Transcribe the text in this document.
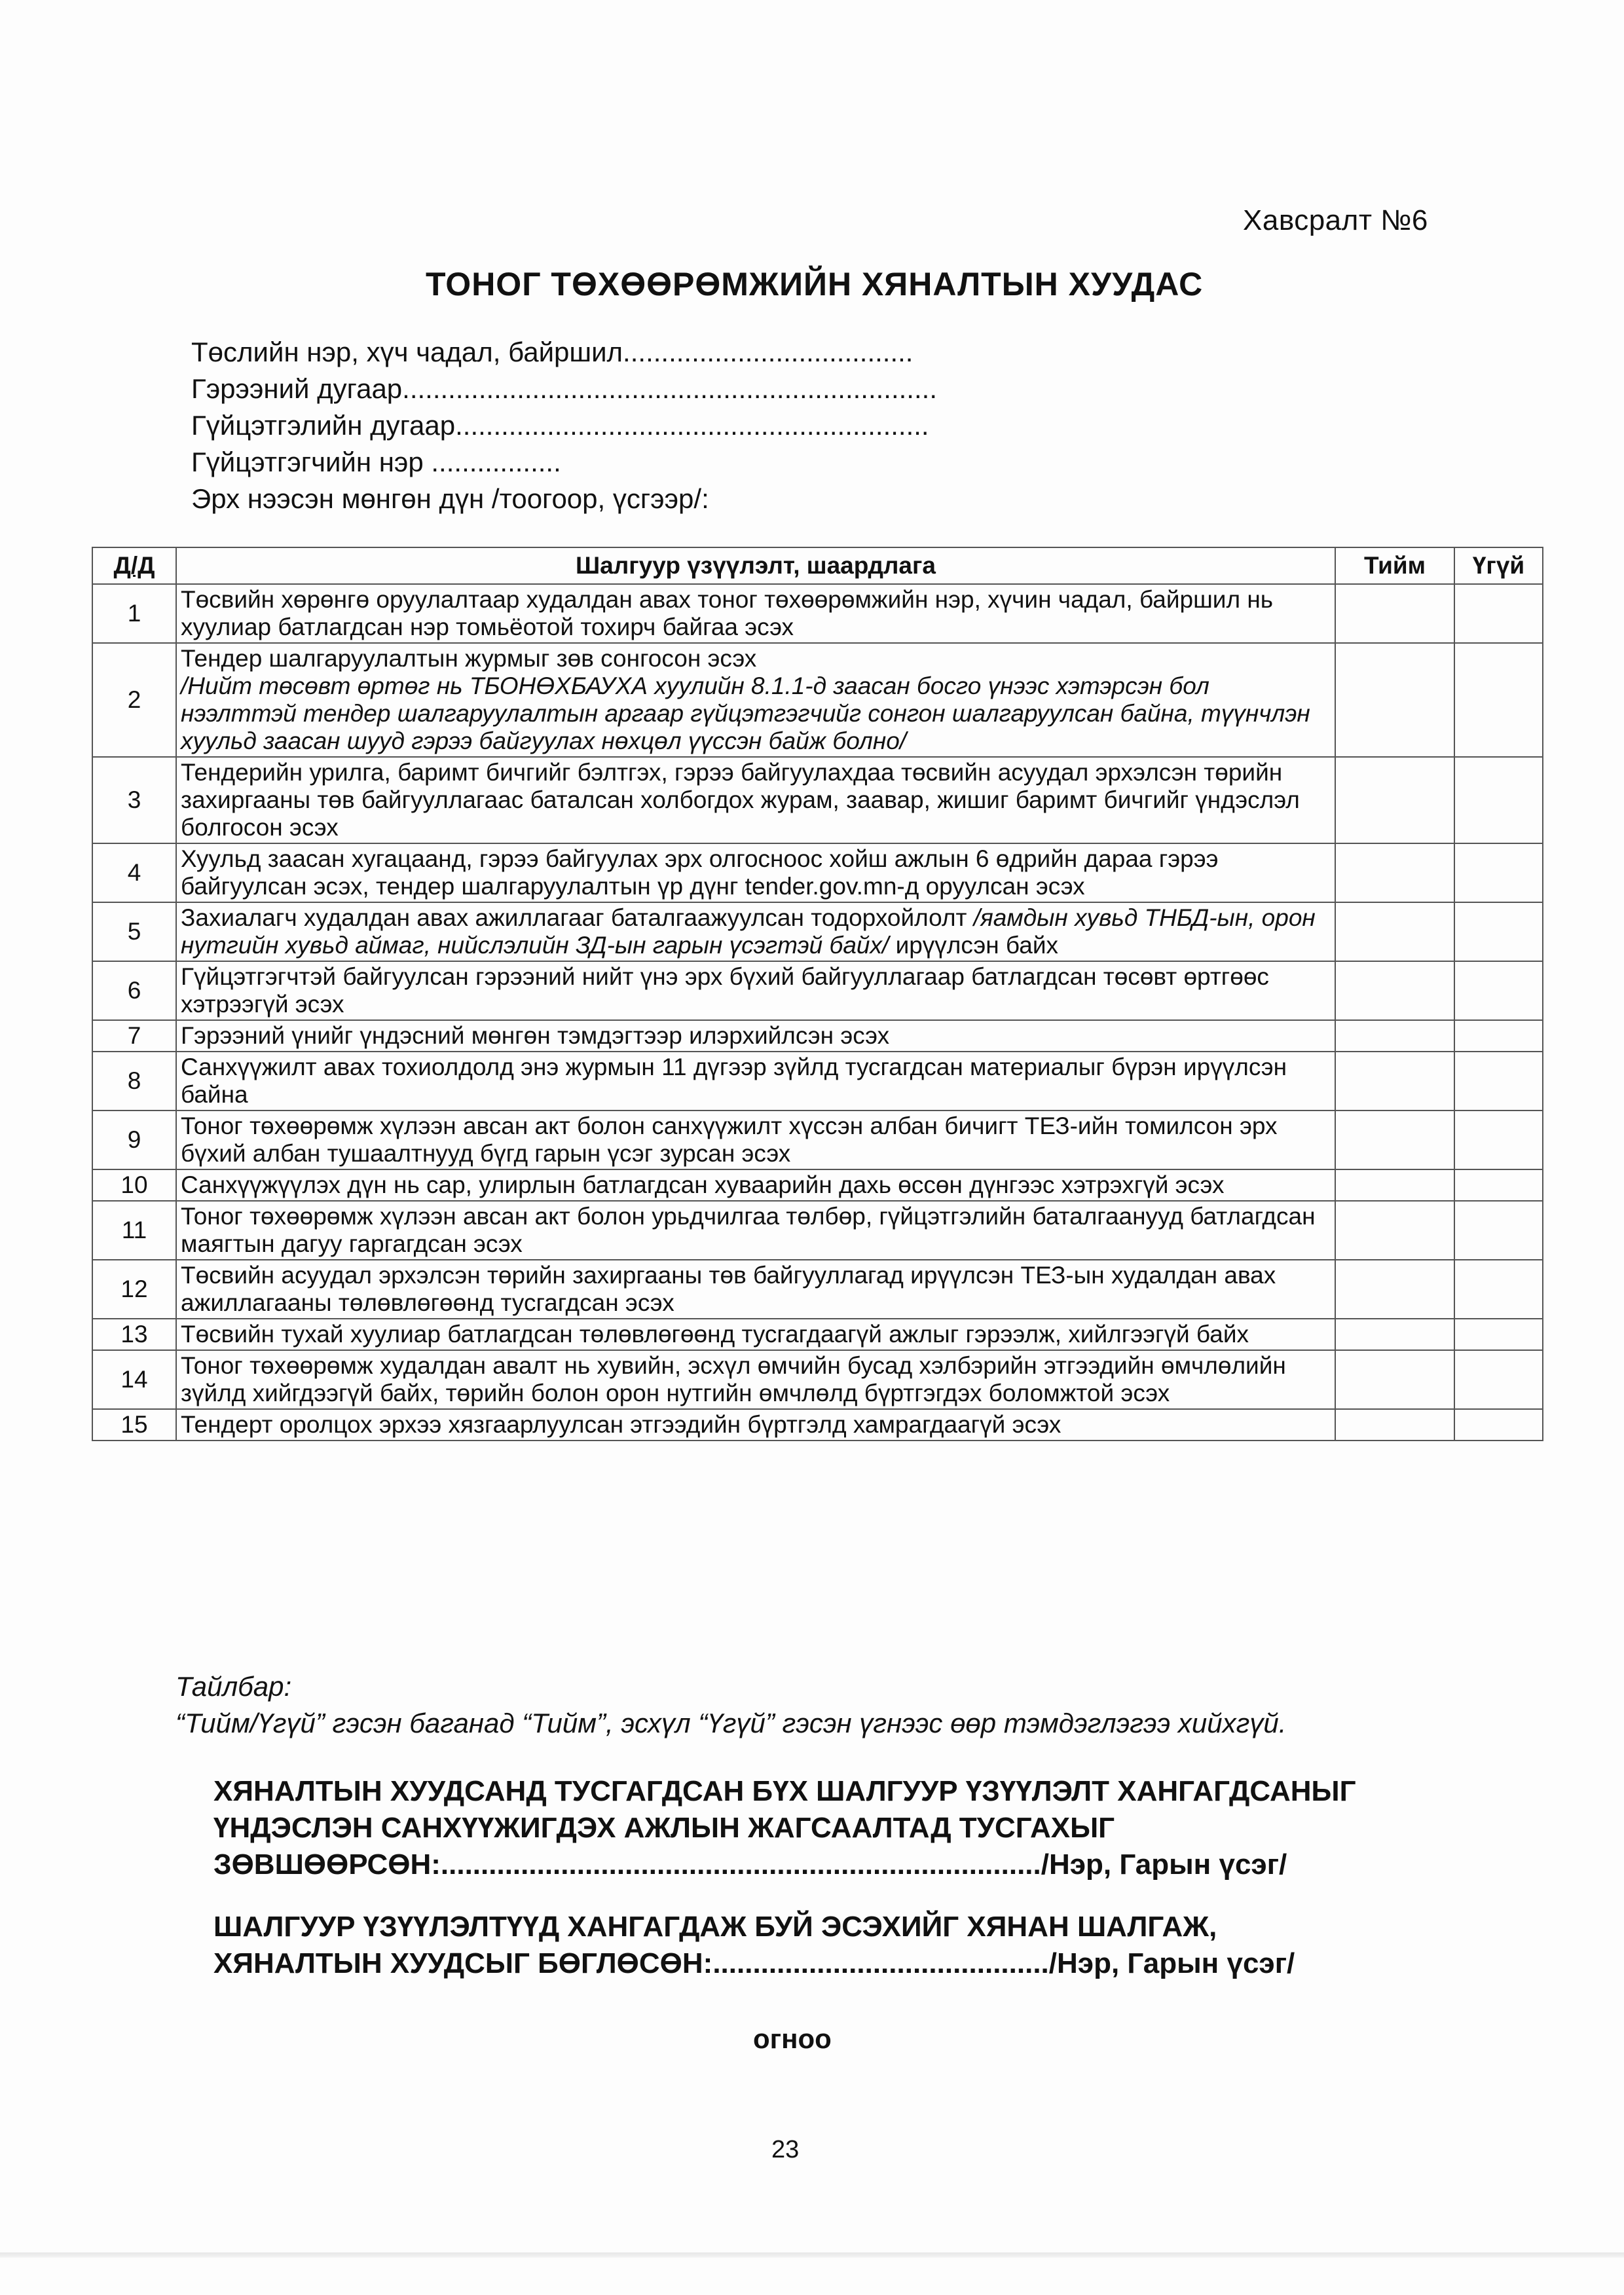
Хавсралт №6
ТОНОГ ТӨХӨӨРӨМЖИЙН ХЯНАЛТЫН ХУУДАС
Төслийн нэр, хүч чадал, байршил......................................
Гэрээний дугаар......................................................................
Гүйцэтгэлийн дугаар..............................................................
Гүйцэтгэгчийн нэр .................
Эрх нээсэн мөнгөн дүн /тоогоор, үсгээр/:
Д/Д	Шалгуур үзүүлэлт, шаардлага	Тийм	Үгүй
1	Төсвийн хөрөнгө оруулалтаар худалдан авах тоног төхөөрөмжийн нэр, хүчин чадал, байршил нь хуулиар батлагдсан нэр томьёотой тохирч байгаа эсэх		
2	Тендер шалгаруулалтын журмыг зөв сонгосон эсэх
/Нийт төсөвт өртөг нь ТБОНӨХБАУХА хуулийн 8.1.1-д заасан босго үнээс хэтэрсэн бол нээлттэй тендер шалгаруулалтын аргаар гүйцэтгэгчийг сонгон шалгаруулсан байна, түүнчлэн хуульд заасан шууд гэрээ байгуулах нөхцөл үүссэн байж болно/		

3	Тендерийн урилга, баримт бичгийг бэлтгэх, гэрээ байгуулахдаа төсвийн асуудал эрхэлсэн төрийн захиргааны төв байгууллагаас баталсан холбогдох журам, заавар, жишиг баримт бичгийг үндэслэл болгосон эсэх		
4	Хуульд заасан хугацаанд, гэрээ байгуулах эрх олгосноос хойш ажлын 6 өдрийн дараа гэрээ байгуулсан эсэх, тендер шалгаруулалтын үр дүнг tender.gov.mn-д оруулсан эсэх		
5	Захиалагч худалдан авах ажиллагааг баталгаажуулсан тодорхойлолт /яамдын хувьд ТНБД-ын, орон нутгийн хувьд аймаг, нийслэлийн ЗД-ын гарын үсэгтэй байх/ ирүүлсэн байх		
6	Гүйцэтгэгчтэй байгуулсан гэрээний нийт үнэ эрх бүхий байгууллагаар батлагдсан төсөвт өртгөөс хэтрээгүй эсэх		
7	Гэрээний үнийг үндэсний мөнгөн тэмдэгтээр илэрхийлсэн эсэх		
8	Санхүүжилт авах тохиолдолд энэ журмын 11 дүгээр зүйлд тусгагдсан материалыг бүрэн ирүүлсэн байна		
9	Тоног төхөөрөмж хүлээн авсан акт болон санхүүжилт хүссэн албан бичигт ТЕЗ-ийн томилсон эрх бүхий албан тушаалтнууд бүгд гарын үсэг зурсан эсэх		
10	Санхүүжүүлэх дүн нь сар, улирлын батлагдсан хуваарийн дахь өссөн дүнгээс хэтрэхгүй эсэх		
11	Тоног төхөөрөмж хүлээн авсан акт болон урьдчилгаа төлбөр, гүйцэтгэлийн баталгаанууд батлагдсан маягтын дагуу гаргагдсан эсэх		
12	Төсвийн асуудал эрхэлсэн төрийн захиргааны төв байгууллагад ирүүлсэн ТЕЗ-ын худалдан авах ажиллагааны төлөвлөгөөнд тусгагдсан эсэх		
13	Төсвийн тухай хуулиар батлагдсан төлөвлөгөөнд тусгагдаагүй ажлыг гэрээлж, хийлгээгүй байх		
14	Тоног төхөөрөмж худалдан авалт нь хувийн, эсхүл өмчийн бусад хэлбэрийн этгээдийн өмчлөлийн зүйлд хийгдээгүй байх, төрийн болон орон нутгийн өмчлөлд бүртгэгдэх боломжтой эсэх		
15	Тендерт оролцох эрхээ хязгаарлуулсан этгээдийн бүртгэлд хамрагдаагүй эсэх		
Тайлбар:
“Тийм/Үгүй” гэсэн баганад “Тийм”, эсхүл “Үгүй” гэсэн үгнээс өөр тэмдэглэгээ хийхгүй.
ХЯНАЛТЫН ХУУДСАНД ТУСГАГДСАН БҮХ ШАЛГУУР ҮЗҮҮЛЭЛТ ХАНГАГДСАНЫГ
ҮНДЭСЛЭН САНХҮҮЖИГДЭХ АЖЛЫН ЖАГСААЛТАД ТУСГАХЫГ
ЗӨВШӨӨРСӨН:.........................................................................../Нэр, Гарын үсэг/
ШАЛГУУР ҮЗҮҮЛЭЛТҮҮД ХАНГАГДАЖ БУЙ ЭСЭХИЙГ ХЯНАН ШАЛГАЖ,
ХЯНАЛТЫН ХУУДСЫГ БӨГЛӨСӨН:........................................../Нэр, Гарын үсэг/
огноо
23
